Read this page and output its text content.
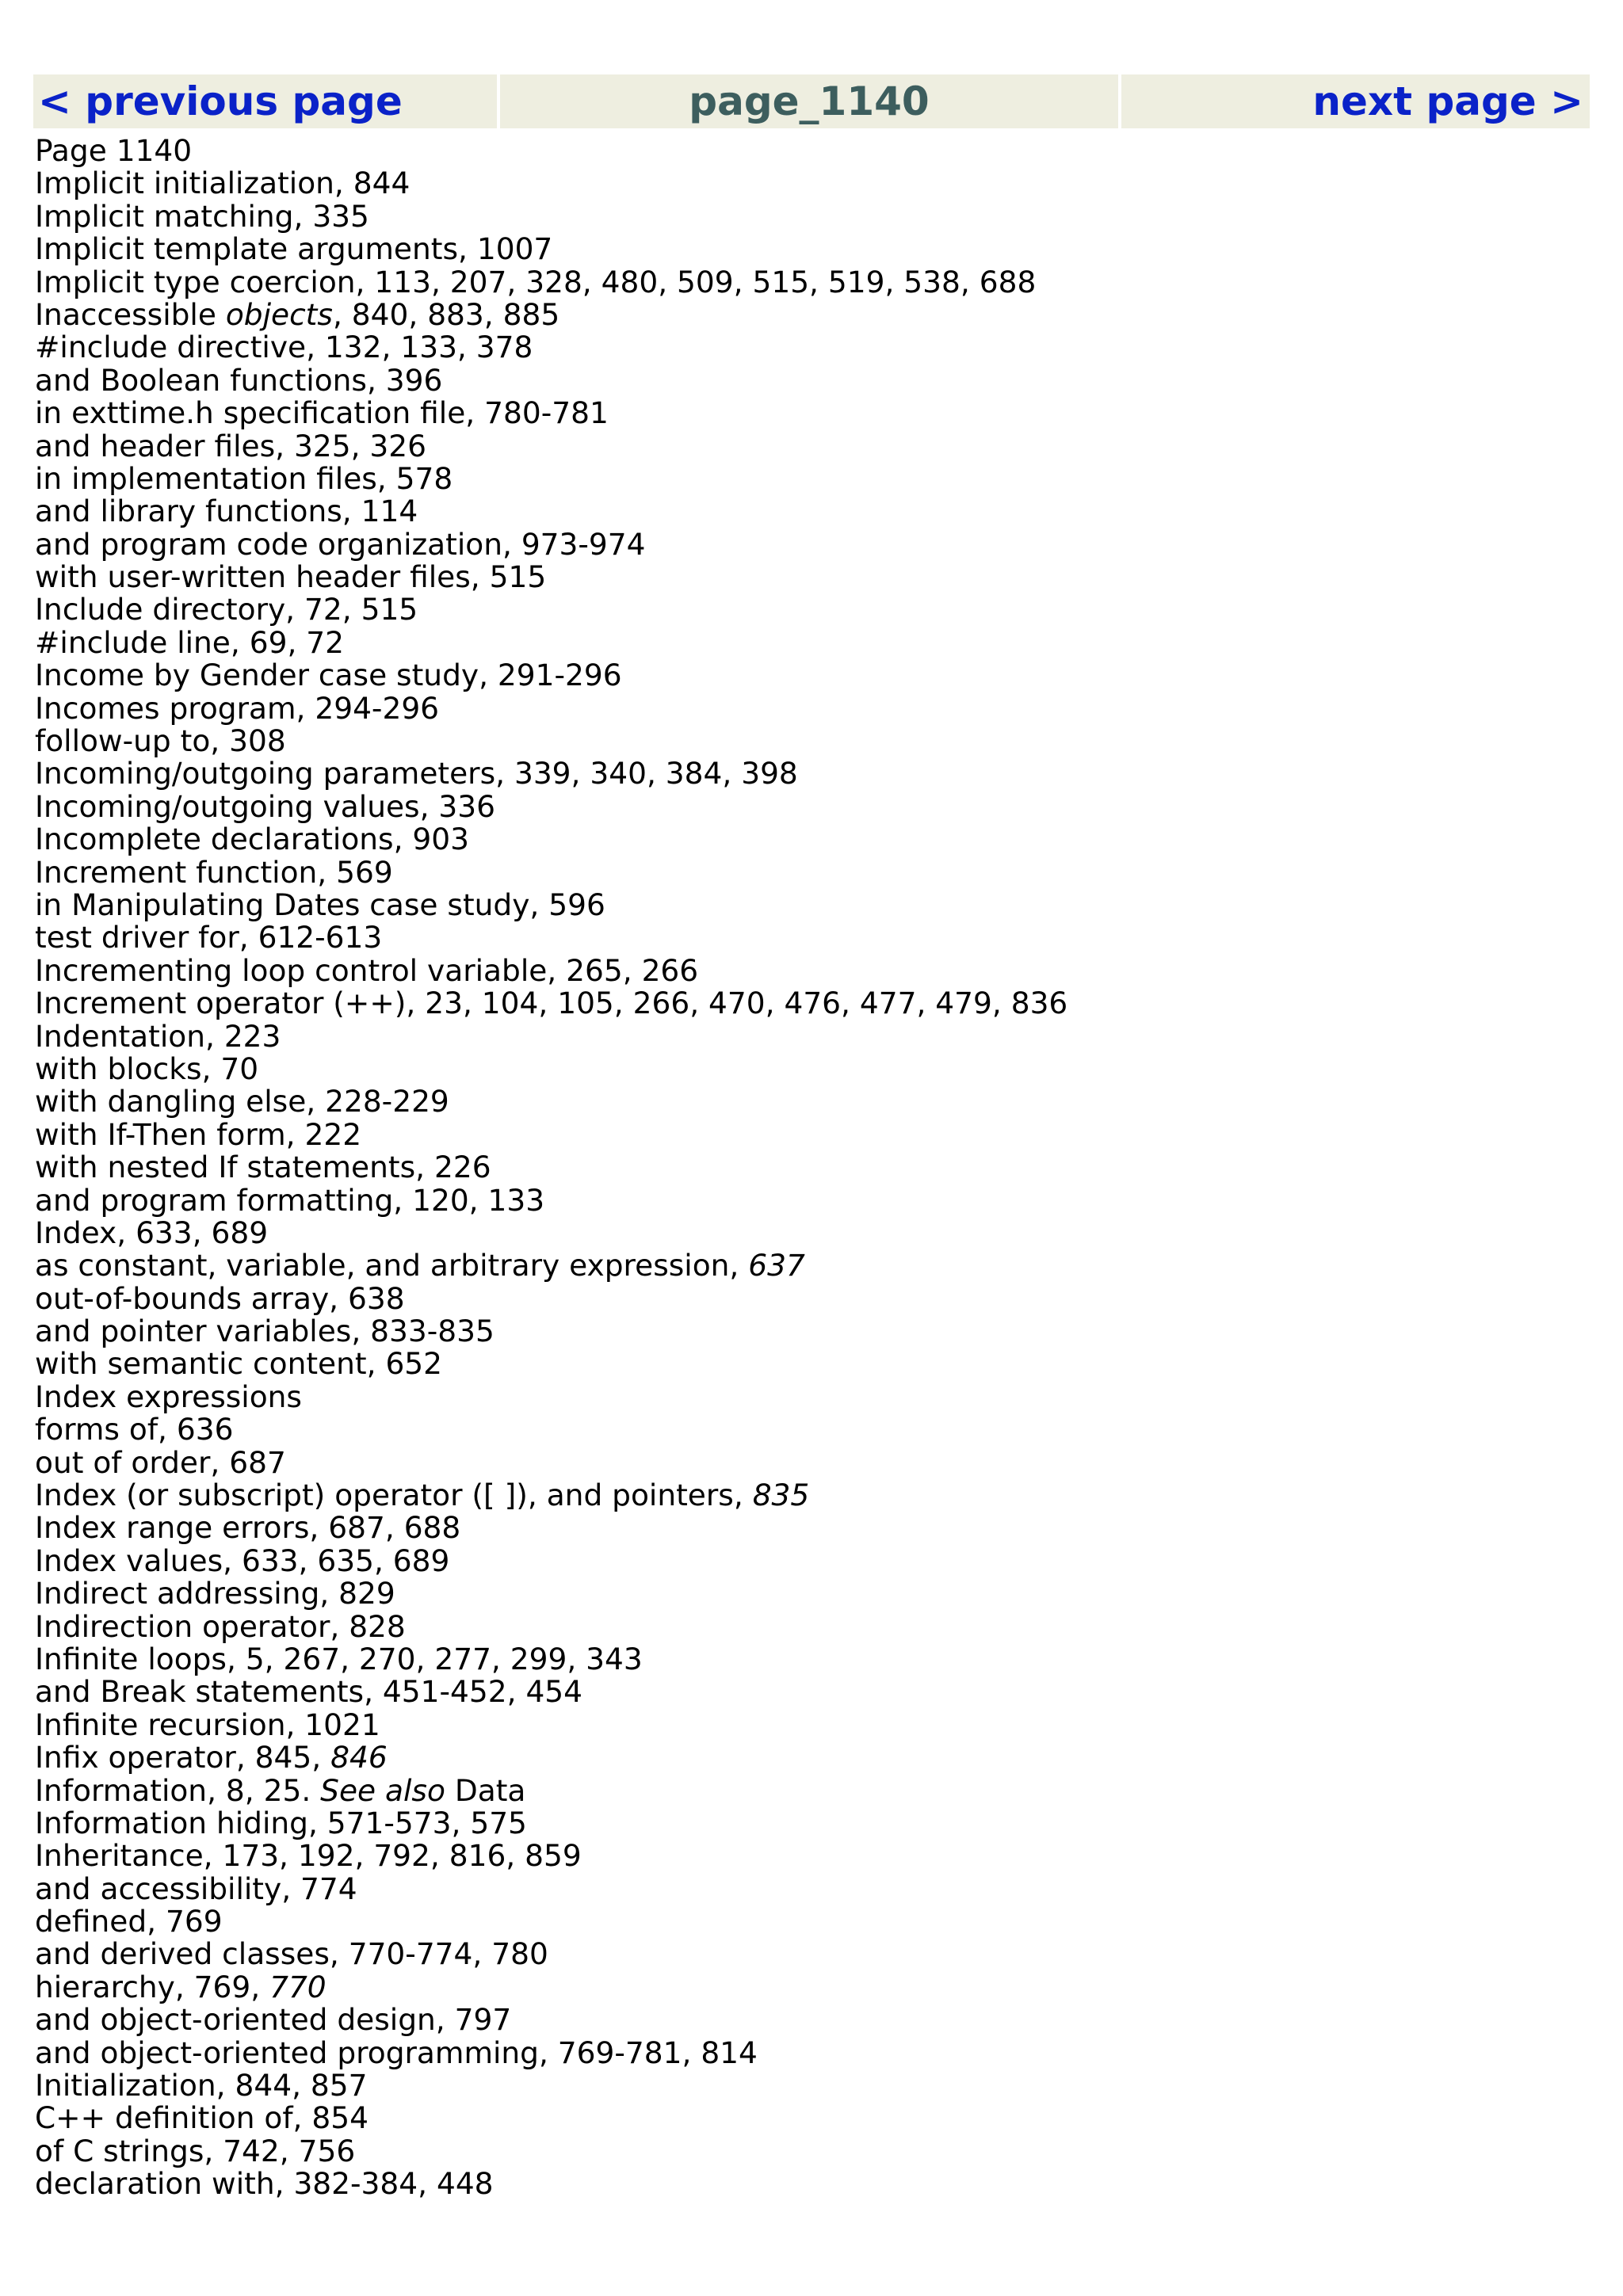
< previous page	page_1140	next page >
Page 1140
Implicit initialization, 844
Implicit matching, 335
Implicit template arguments, 1007
Implicit type coercion, 113, 207, 328, 480, 509, 515, 519, 538, 688
Inaccessible objects, 840, 883, 885
#include directive, 132, 133, 378
and Boolean functions, 396
in exttime.h specification file, 780-781
and header files, 325, 326
in implementation files, 578
and library functions, 114
and program code organization, 973-974
with user-written header files, 515
Include directory, 72, 515
#include line, 69, 72
Income by Gender case study, 291-296
Incomes program, 294-296
follow-up to, 308
Incoming/outgoing parameters, 339, 340, 384, 398
Incoming/outgoing values, 336
Incomplete declarations, 903
Increment function, 569
in Manipulating Dates case study, 596
test driver for, 612-613
Incrementing loop control variable, 265, 266
Increment operator (++), 23, 104, 105, 266, 470, 476, 477, 479, 836
Indentation, 223
with blocks, 70
with dangling else, 228-229
with If-Then form, 222
with nested If statements, 226
and program formatting, 120, 133
Index, 633, 689
as constant, variable, and arbitrary expression, 637
out-of-bounds array, 638
and pointer variables, 833-835
with semantic content, 652
Index expressions
forms of, 636
out of order, 687
Index (or subscript) operator ([ ]), and pointers, 835
Index range errors, 687, 688
Index values, 633, 635, 689
Indirect addressing, 829
Indirection operator, 828
Infinite loops, 5, 267, 270, 277, 299, 343
and Break statements, 451-452, 454
Infinite recursion, 1021
Infix operator, 845, 846
Information, 8, 25. See also Data
Information hiding, 571-573, 575
Inheritance, 173, 192, 792, 816, 859
and accessibility, 774
defined, 769
and derived classes, 770-774, 780
hierarchy, 769, 770
and object-oriented design, 797
and object-oriented programming, 769-781, 814
Initialization, 844, 857
C++ definition of, 854
of C strings, 742, 756
declaration with, 382-384, 448
